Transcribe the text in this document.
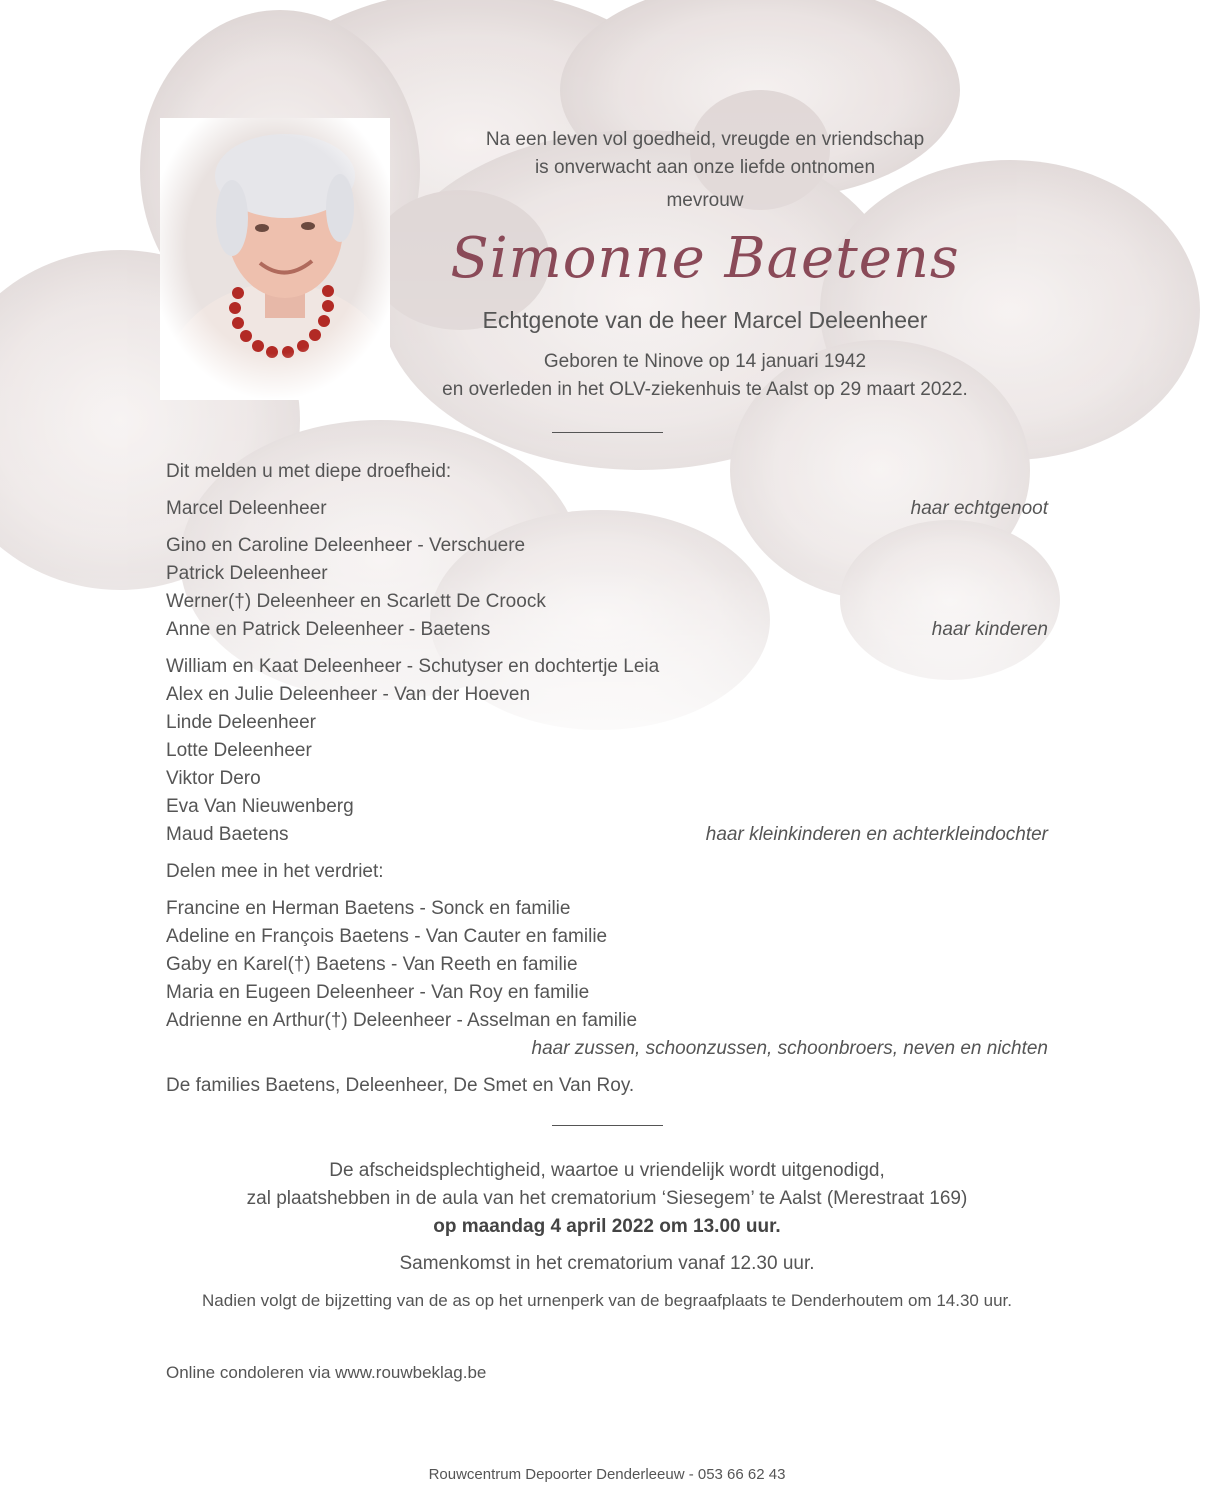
Na een leven vol goedheid, vreugde en vriendschap
is onverwacht aan onze liefde ontnomen
mevrouw
Simonne Baetens
Echtgenote van de heer Marcel Deleenheer
Geboren te Ninove op 14 januari 1942
en overleden in het OLV-ziekenhuis te Aalst op 29 maart 2022.
Dit melden u met diepe droefheid:
Marcel Deleenheer	haar echtgenoot
Gino en Caroline Deleenheer - Verschuere
Patrick Deleenheer
Werner(†) Deleenheer en Scarlett De Croock
Anne en Patrick Deleenheer - Baetens	haar kinderen
William en Kaat Deleenheer - Schutyser en dochtertje Leia
Alex en Julie Deleenheer - Van der Hoeven
Linde Deleenheer
Lotte Deleenheer
Viktor Dero
Eva Van Nieuwenberg
Maud Baetens	haar kleinkinderen en achterkleindochter
Delen mee in het verdriet:
Francine en Herman Baetens - Sonck en familie
Adeline en François Baetens - Van Cauter en familie
Gaby en Karel(†) Baetens - Van Reeth en familie
Maria en Eugeen Deleenheer - Van Roy en familie
Adrienne en Arthur(†) Deleenheer - Asselman en familie
haar zussen, schoonzussen, schoonbroers, neven en nichten
De families Baetens, Deleenheer, De Smet en Van Roy.
De afscheidsplechtigheid, waartoe u vriendelijk wordt uitgenodigd,
zal plaatshebben in de aula van het crematorium ‘Siesegem’ te Aalst (Merestraat 169)
op maandag 4 april 2022 om 13.00 uur.
Samenkomst in het crematorium vanaf 12.30 uur.
Nadien volgt de bijzetting van de as op het urnenperk van de begraafplaats te Denderhoutem om 14.30 uur.
Online condoleren via www.rouwbeklag.be
Rouwcentrum Depoorter Denderleeuw - 053 66 62 43
